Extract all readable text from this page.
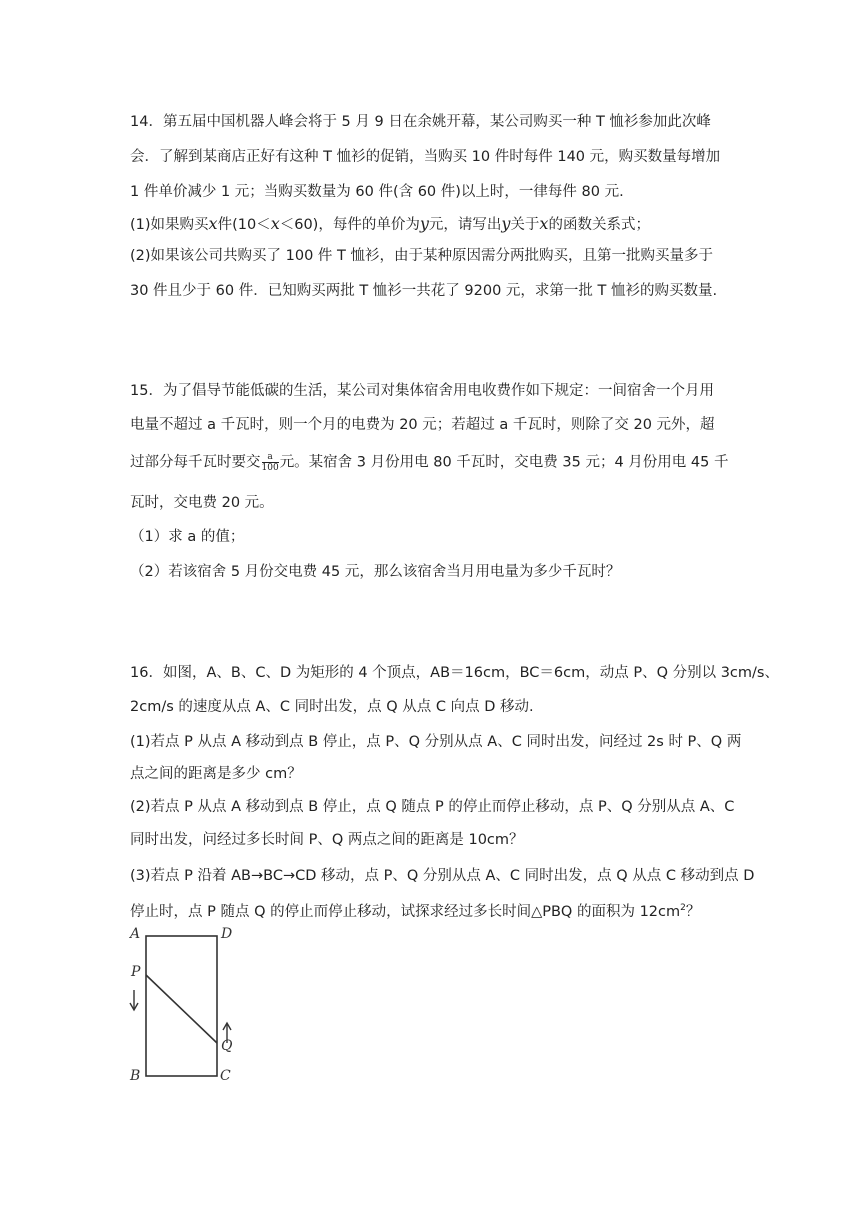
14．第五届中国机器人峰会将于 5 月 9 日在余姚开幕，某公司购买一种 T 恤衫参加此次峰
会．了解到某商店正好有这种 T 恤衫的促销，当购买 10 件时每件 140 元，购买数量每增加
1 件单价减少 1 元；当购买数量为 60 件(含 60 件)以上时，一律每件 80 元.
(1)如果购买x件(10＜x＜60)，每件的单价为y元，请写出y关于x的函数关系式；
(2)如果该公司共购买了 100 件 T 恤衫，由于某种原因需分两批购买，且第一批购买量多于
30 件且少于 60 件．已知购买两批 T 恤衫一共花了 9200 元，求第一批 T 恤衫的购买数量.
15．为了倡导节能低碳的生活，某公司对集体宿舍用电收费作如下规定：一间宿舍一个月用
电量不超过 a 千瓦时，则一个月的电费为 20 元；若超过 a 千瓦时，则除了交 20 元外，超
过部分每千瓦时要交 $\frac{a}{100}$ 元。某宿舍 3 月份用电 80 千瓦时，交电费 35 元；4 月份用电 45 千
瓦时，交电费 20 元。
（1）求 a 的值；
（2）若该宿舍 5 月份交电费 45 元，那么该宿舍当月用电量为多少千瓦时？
16．如图，A、B、C、D 为矩形的 4 个顶点，AB＝16cm，BC＝6cm，动点 P、Q 分别以 3cm/s、
2cm/s 的速度从点 A、C 同时出发，点 Q 从点 C 向点 D 移动.
(1)若点 P 从点 A 移动到点 B 停止，点 P、Q 分别从点 A、C 同时出发，问经过 2s 时 P、Q 两
点之间的距离是多少 cm？
(2)若点 P 从点 A 移动到点 B 停止，点 Q 随点 P 的停止而停止移动，点 P、Q 分别从点 A、C
同时出发，问经过多长时间 P、Q 两点之间的距离是 10cm？
(3)若点 P 沿着 AB→BC→CD 移动，点 P、Q 分别从点 A、C 同时出发，点 Q 从点 C 移动到点 D
停止时，点 P 随点 Q 的停止而停止移动，试探求经过多长时间△PBQ 的面积为 $12cm^2$？
A	D
P
Q
B	C
